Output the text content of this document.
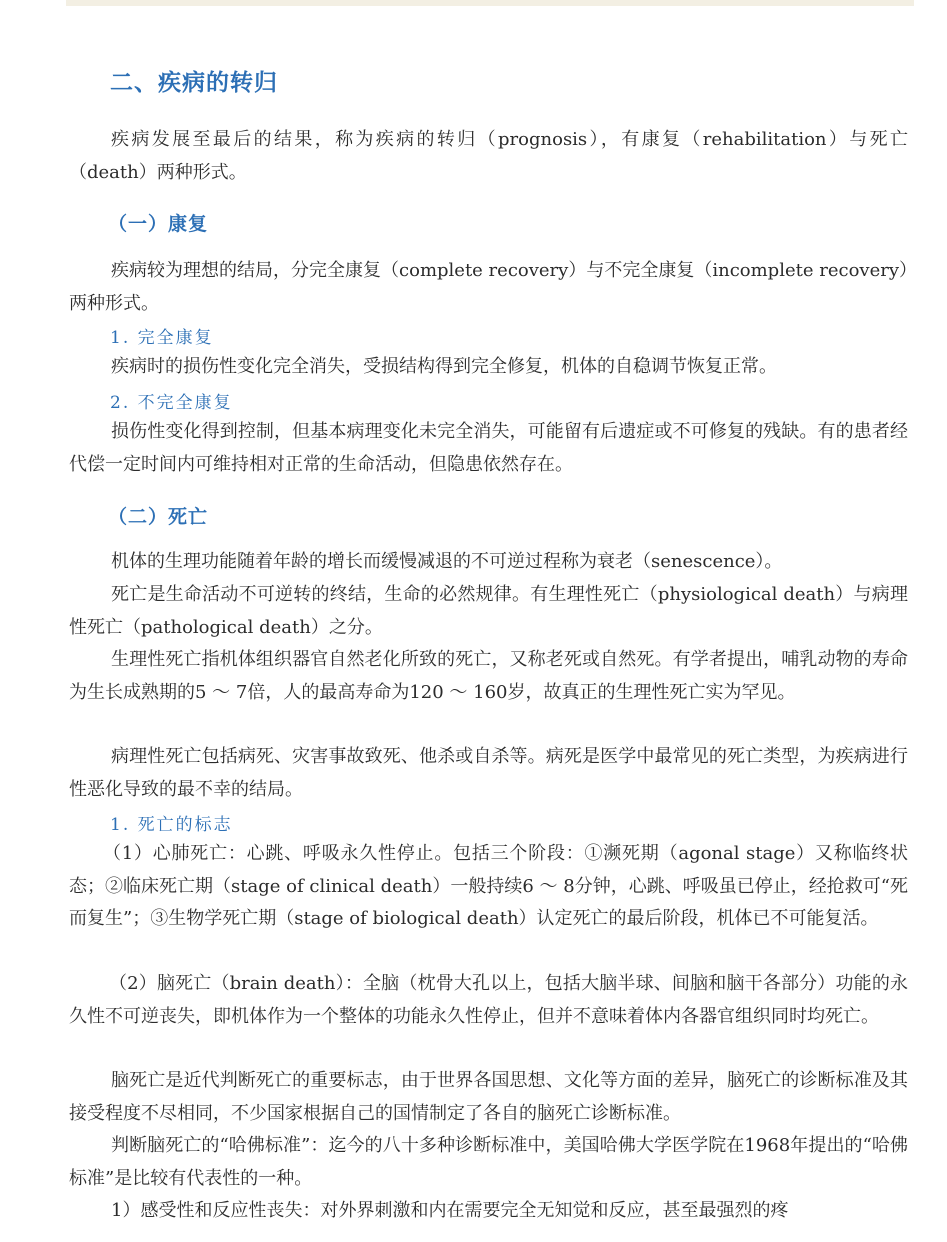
二、疾病的转归

疾病发展至最后的结果，称为疾病的转归（prognosis），有康复（rehabilitation）与死亡（death）两种形式。

（一）康复

疾病较为理想的结局，分完全康复（complete recovery）与不完全康复（incomplete recovery）两种形式。

1. 完全康复

疾病时的损伤性变化完全消失，受损结构得到完全修复，机体的自稳调节恢复正常。

2. 不完全康复

损伤性变化得到控制，但基本病理变化未完全消失，可能留有后遗症或不可修复的残缺。有的患者经代偿一定时间内可维持相对正常的生命活动，但隐患依然存在。

（二）死亡

机体的生理功能随着年龄的增长而缓慢减退的不可逆过程称为衰老（senescence）。

死亡是生命活动不可逆转的终结，生命的必然规律。有生理性死亡（physiological death）与病理性死亡（pathological death）之分。

生理性死亡指机体组织器官自然老化所致的死亡，又称老死或自然死。有学者提出，哺乳动物的寿命为生长成熟期的5 ～ 7倍，人的最高寿命为120 ～ 160岁，故真正的生理性死亡实为罕见。

病理性死亡包括病死、灾害事故致死、他杀或自杀等。病死是医学中最常见的死亡类型，为疾病进行性恶化导致的最不幸的结局。

1. 死亡的标志

（1）心肺死亡：心跳、呼吸永久性停止。包括三个阶段：①濒死期（agonal stage）又称临终状态；②临床死亡期（stage of clinical death）一般持续6 ～ 8分钟，心跳、呼吸虽已停止，经抢救可“死而复生”；③生物学死亡期（stage of biological death）认定死亡的最后阶段，机体已不可能复活。

（2）脑死亡（brain death）：全脑（枕骨大孔以上，包括大脑半球、间脑和脑干各部分）功能的永久性不可逆丧失，即机体作为一个整体的功能永久性停止，但并不意味着体内各器官组织同时均死亡。

脑死亡是近代判断死亡的重要标志，由于世界各国思想、文化等方面的差异，脑死亡的诊断标准及其接受程度不尽相同，不少国家根据自己的国情制定了各自的脑死亡诊断标准。

判断脑死亡的“哈佛标准”：迄今的八十多种诊断标准中，美国哈佛大学医学院在1968年提出的“哈佛标准”是比较有代表性的一种。

1）感受性和反应性丧失：对外界刺激和内在需要完全无知觉和反应，甚至最强烈的疼
